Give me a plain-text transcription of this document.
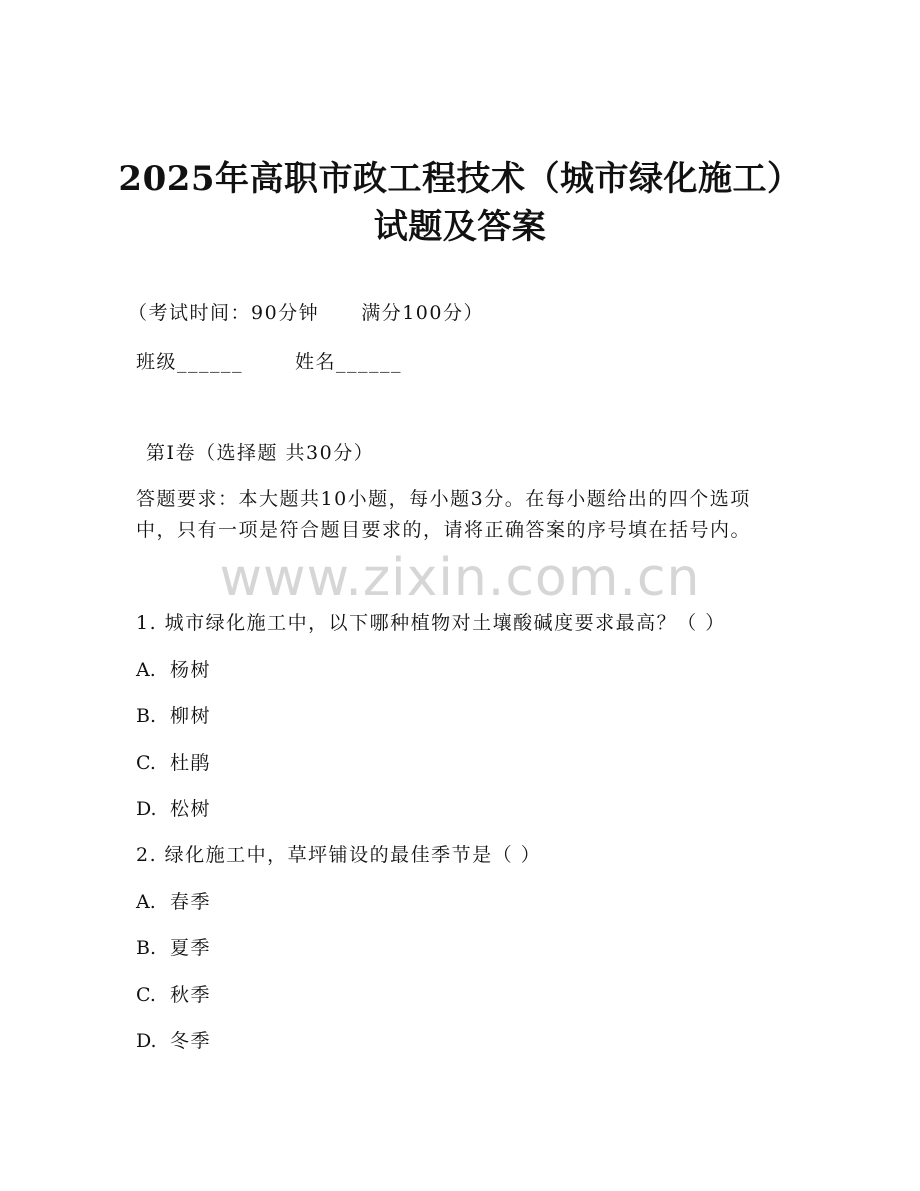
2025年高职市政工程技术（城市绿化施工）
试题及答案
（考试时间：90分钟 满分100分）
班级______	姓名______
第Ⅰ卷（选择题 共30分）
答题要求：本大题共10小题，每小题3分。在每小题给出的四个选项
中，只有一项是符合题目要求的，请将正确答案的序号填在括号内。
www.zixin.com.cn
1. 城市绿化施工中，以下哪种植物对土壤酸碱度要求最高？（ ）
A. 杨树
B. 柳树
C. 杜鹃
D. 松树
2. 绿化施工中，草坪铺设的最佳季节是（ ）
A. 春季
B. 夏季
C. 秋季
D. 冬季
